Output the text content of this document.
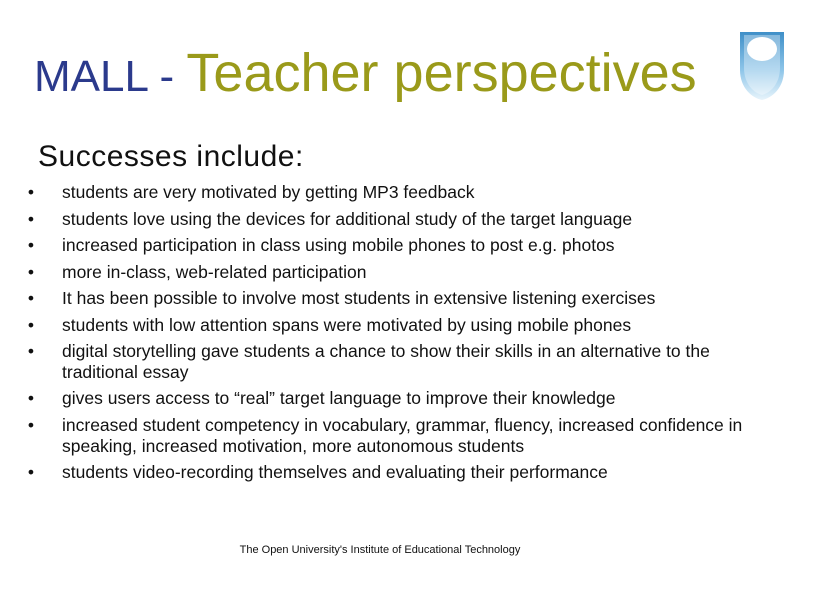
MALL - Teacher perspectives
Successes include:
• students are very motivated by getting MP3 feedback
• students love using the devices for additional study of the target language
• increased participation in class using mobile phones to post e.g. photos
• more in-class, web-related participation
• It has been possible to involve most students in extensive listening exercises
• students with low attention spans were motivated by using mobile phones
• digital storytelling gave students a chance to show their skills in an alternative to the traditional essay
• gives users access to “real” target language to improve their knowledge
• increased student competency in vocabulary, grammar, fluency, increased confidence in speaking, increased motivation, more autonomous students
• students video-recording themselves and evaluating their performance
The Open University's Institute of Educational Technology
